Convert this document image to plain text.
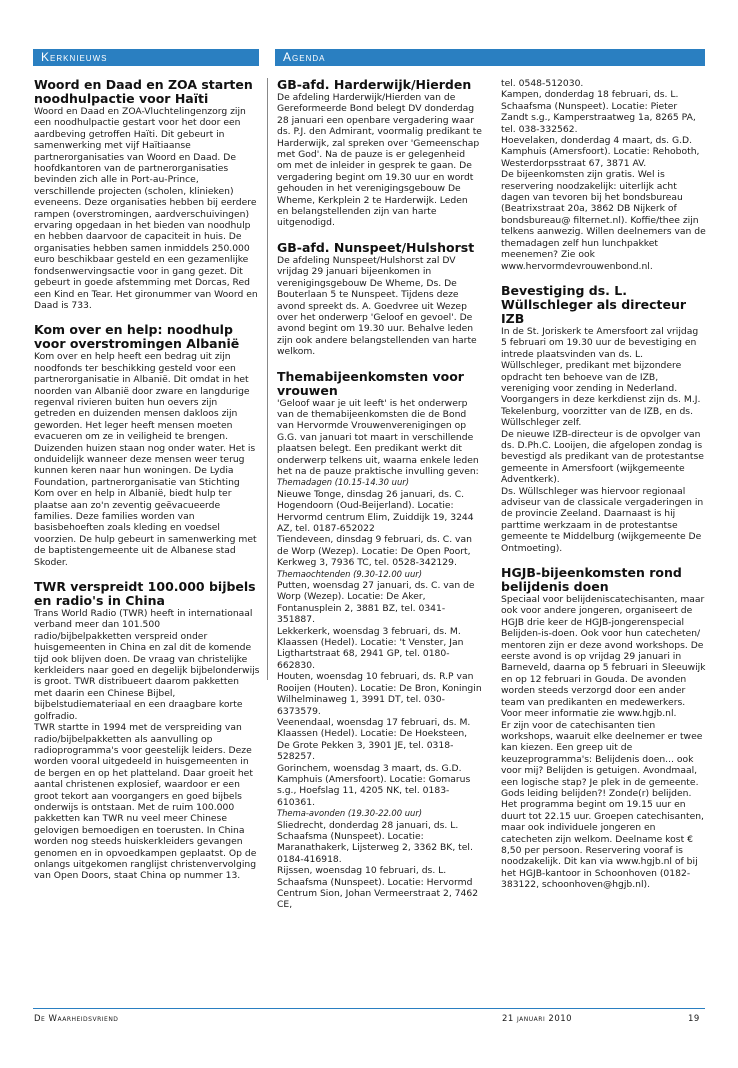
Kerknieuws	Agenda
Woord en Daad en ZOA starten noodhulpactie voor Haïti

Woord en Daad en ZOA-Vluchtelingenzorg zijn een noodhulpactie gestart voor het door een aardbeving getroffen Haïti. Dit gebeurt in samenwerking met vijf Haïtiaanse partnerorganisaties van Woord en Daad. De hoofdkantoren van de partnerorganisaties bevinden zich alle in Port-au-Prince, verschillende projecten (scholen, klinieken) eveneens. Deze organisaties hebben bij eerdere rampen (overstromingen, aardverschuivingen) ervaring opgedaan in het bieden van noodhulp en hebben daarvoor de capaciteit in huis. De organisaties hebben samen inmiddels 250.000 euro beschikbaar gesteld en een gezamenlijke fondsenwervingsactie voor in gang gezet. Dit gebeurt in goede afstemming met Dorcas, Red een Kind en Tear. Het gironummer van Woord en Daad is 733.

Kom over en help: noodhulp voor overstromingen Albanië

Kom over en help heeft een bedrag uit zijn noodfonds ter beschikking gesteld voor een partnerorganisatie in Albanië. Dit omdat in het noorden van Albanië door zware en langdurige regenval rivieren buiten hun oevers zijn getreden en duizenden mensen dakloos zijn geworden. Het leger heeft mensen moeten evacueren om ze in veiligheid te brengen. Duizenden huizen staan nog onder water. Het is onduidelijk wanneer deze mensen weer terug kunnen keren naar hun woningen. De Lydia Foundation, partnerorganisatie van Stichting Kom over en help in Albanië, biedt hulp ter plaatse aan zo'n zeventig geëvacueerde families. Deze families worden van basisbehoeften zoals kleding en voedsel voorzien. De hulp gebeurt in samenwerking met de baptistengemeente uit de Albanese stad Skoder.

TWR verspreidt 100.000 bijbels en radio's in China

Trans World Radio (TWR) heeft in internationaal verband meer dan 101.500 radio/bijbelpakketten verspreid onder huisgemeenten in China en zal dit de komende tijd ook blijven doen. De vraag van christelijke kerkleiders naar goed en degelijk bijbelonderwijs is groot. TWR distribueert daarom pakketten met daarin een Chinese Bijbel, bijbelstudiemateriaal en een draagbare korte golfradio.

TWR startte in 1994 met de verspreiding van radio/bijbelpakketten als aanvulling op radioprogramma's voor geestelijk leiders. Deze worden vooral uitgedeeld in huisgemeenten in de bergen en op het platteland. Daar groeit het aantal christenen explosief, waardoor er een groot tekort aan voorgangers en goed bijbels onderwijs is ontstaan. Met de ruim 100.000 pakketten kan TWR nu veel meer Chinese gelovigen bemoedigen en toerusten. In China worden nog steeds huiskerkleiders gevangen genomen en in opvoedkampen geplaatst. Op de onlangs uitgekomen ranglijst christenvervolging van Open Doors, staat China op nummer 13.

GB-afd. Harderwijk/Hierden

De afdeling Harderwijk/Hierden van de Gereformeerde Bond belegt DV donderdag 28 januari een openbare vergadering waar ds. P.J. den Admirant, voormalig predikant te Harderwijk, zal spreken over 'Gemeenschap met God'. Na de pauze is er gelegenheid om met de inleider in gesprek te gaan. De vergadering begint om 19.30 uur en wordt gehouden in het verenigingsgebouw De Wheme, Kerkplein 2 te Harderwijk. Leden en belangstellenden zijn van harte uitgenodigd.

GB-afd. Nunspeet/Hulshorst

De afdeling Nunspeet/Hulshorst zal DV vrijdag 29 januari bijeenkomen in verenigingsgebouw De Wheme, Ds. De Bouterlaan 5 te Nunspeet. Tijdens deze avond spreekt ds. A. Goedvree uit Wezep over het onderwerp 'Geloof en gevoel'. De avond begint om 19.30 uur. Behalve leden zijn ook andere belangstellenden van harte welkom.

Themabijeenkomsten voor vrouwen

'Geloof waar je uit leeft' is het onderwerp van de themabijeenkomsten die de Bond van Hervormde Vrouwenverenigingen op G.G. van januari tot maart in verschillende plaatsen belegt. Een predikant werkt dit onderwerp telkens uit, waarna enkele leden het na de pauze praktische invulling geven:

Themadagen (10.15-14.30 uur)

Nieuwe Tonge, dinsdag 26 januari, ds. C. Hogendoorn (Oud-Beijerland). Locatie: Hervormd centrum Elim, Zuiddijk 19, 3244 AZ, tel. 0187-652022

Tiendeveen, dinsdag 9 februari, ds. C. van de Worp (Wezep). Locatie: De Open Poort, Kerkweg 3, 7936 TC, tel. 0528-342129.

Themaochtenden (9.30-12.00 uur)

Putten, woensdag 27 januari, ds. C. van de Worp (Wezep). Locatie: De Aker, Fontanusplein 2, 3881 BZ, tel. 0341-351887.

Lekkerkerk, woensdag 3 februari, ds. M. Klaassen (Hedel). Locatie: 't Venster, Jan Ligthartstraat 68, 2941 GP, tel. 0180-662830.

Houten, woensdag 10 februari, ds. R.P van Rooijen (Houten). Locatie: De Bron, Koningin Wilhelminaweg 1, 3991 DT, tel. 030-6373579.

Veenendaal, woensdag 17 februari, ds. M. Klaassen (Hedel). Locatie: De Hoeksteen, De Grote Pekken 3, 3901 JE, tel. 0318-528257.

Gorinchem, woensdag 3 maart, ds. G.D. Kamphuis (Amersfoort). Locatie: Gomarus s.g., Hoefslag 11, 4205 NK, tel. 0183-610361.

Thema-avonden (19.30-22.00 uur)

Sliedrecht, donderdag 28 januari, ds. L. Schaafsma (Nunspeet). Locatie: Maranathakerk, Lijsterweg 2, 3362 BK, tel. 0184-416918.

Rijssen, woensdag 10 februari, ds. L. Schaafsma (Nunspeet). Locatie: Hervormd Centrum Sion, Johan Vermeerstraat 2, 7462 CE,

tel. 0548-512030.

Kampen, donderdag 18 februari, ds. L. Schaafsma (Nunspeet). Locatie: Pieter Zandt s.g., Kamperstraatweg 1a, 8265 PA, tel. 038-332562.

Hoevelaken, donderdag 4 maart, ds. G.D. Kamphuis (Amersfoort). Locatie: Rehoboth, Westerdorpsstraat 67, 3871 AV.

De bijeenkomsten zijn gratis. Wel is reservering noodzakelijk: uiterlijk acht dagen van tevoren bij het bondsbureau (Beatrixstraat 20a, 3862 DB Nijkerk of bondsbureau@ filternet.nl). Koffie/thee zijn telkens aanwezig. Willen deelnemers van de themadagen zelf hun lunchpakket meenemen? Zie ook www.hervormdevrouwenbond.nl.

Bevestiging ds. L. Wüllschleger als directeur IZB

In de St. Joriskerk te Amersfoort zal vrijdag 5 februari om 19.30 uur de bevestiging en intrede plaatsvinden van ds. L. Wüllschleger, predikant met bijzondere opdracht ten behoeve van de IZB, vereniging voor zending in Nederland. Voorgangers in deze kerkdienst zijn ds. M.J. Tekelenburg, voorzitter van de IZB, en ds. Wüllschleger zelf.

De nieuwe IZB-directeur is de opvolger van ds. D.Ph.C. Looijen, die afgelopen zondag is bevestigd als predikant van de protestantse gemeente in Amersfoort (wijkgemeente Adventkerk).

Ds. Wüllschleger was hiervoor regionaal adviseur van de classicale vergaderingen in de provincie Zeeland. Daarnaast is hij parttime werkzaam in de protestantse gemeente te Middelburg (wijkgemeente De Ontmoeting).

HGJB-bijeenkomsten rond belijdenis doen

Speciaal voor belijdeniscatechisanten, maar ook voor andere jongeren, organiseert de HGJB drie keer de HGJB-jongerenspecial Belijden-is-doen. Ook voor hun catecheten/ mentoren zijn er deze avond workshops. De eerste avond is op vrijdag 29 januari in Barneveld, daarna op 5 februari in Sleeuwijk en op 12 februari in Gouda. De avonden worden steeds verzorgd door een ander team van predikanten en medewerkers. Voor meer informatie zie www.hgjb.nl.

Er zijn voor de catechisanten tien workshops, waaruit elke deelnemer er twee kan kiezen. Een greep uit de keuzeprogramma's: Belijdenis doen... ook voor mij? Belijden is getuigen. Avondmaal, een logische stap? Je plek in de gemeente. Gods leiding belijden?! Zonde(r) belijden.

Het programma begint om 19.15 uur en duurt tot 22.15 uur. Groepen catechisanten, maar ook individuele jongeren en catecheten zijn welkom. Deelname kost € 8,50 per persoon. Reservering vooraf is noodzakelijk. Dit kan via www.hgjb.nl of bij het HGJB-kantoor in Schoonhoven (0182-383122, schoonhoven@hgjb.nl).

De Waarheidsvriend	21 januari 2010	19
